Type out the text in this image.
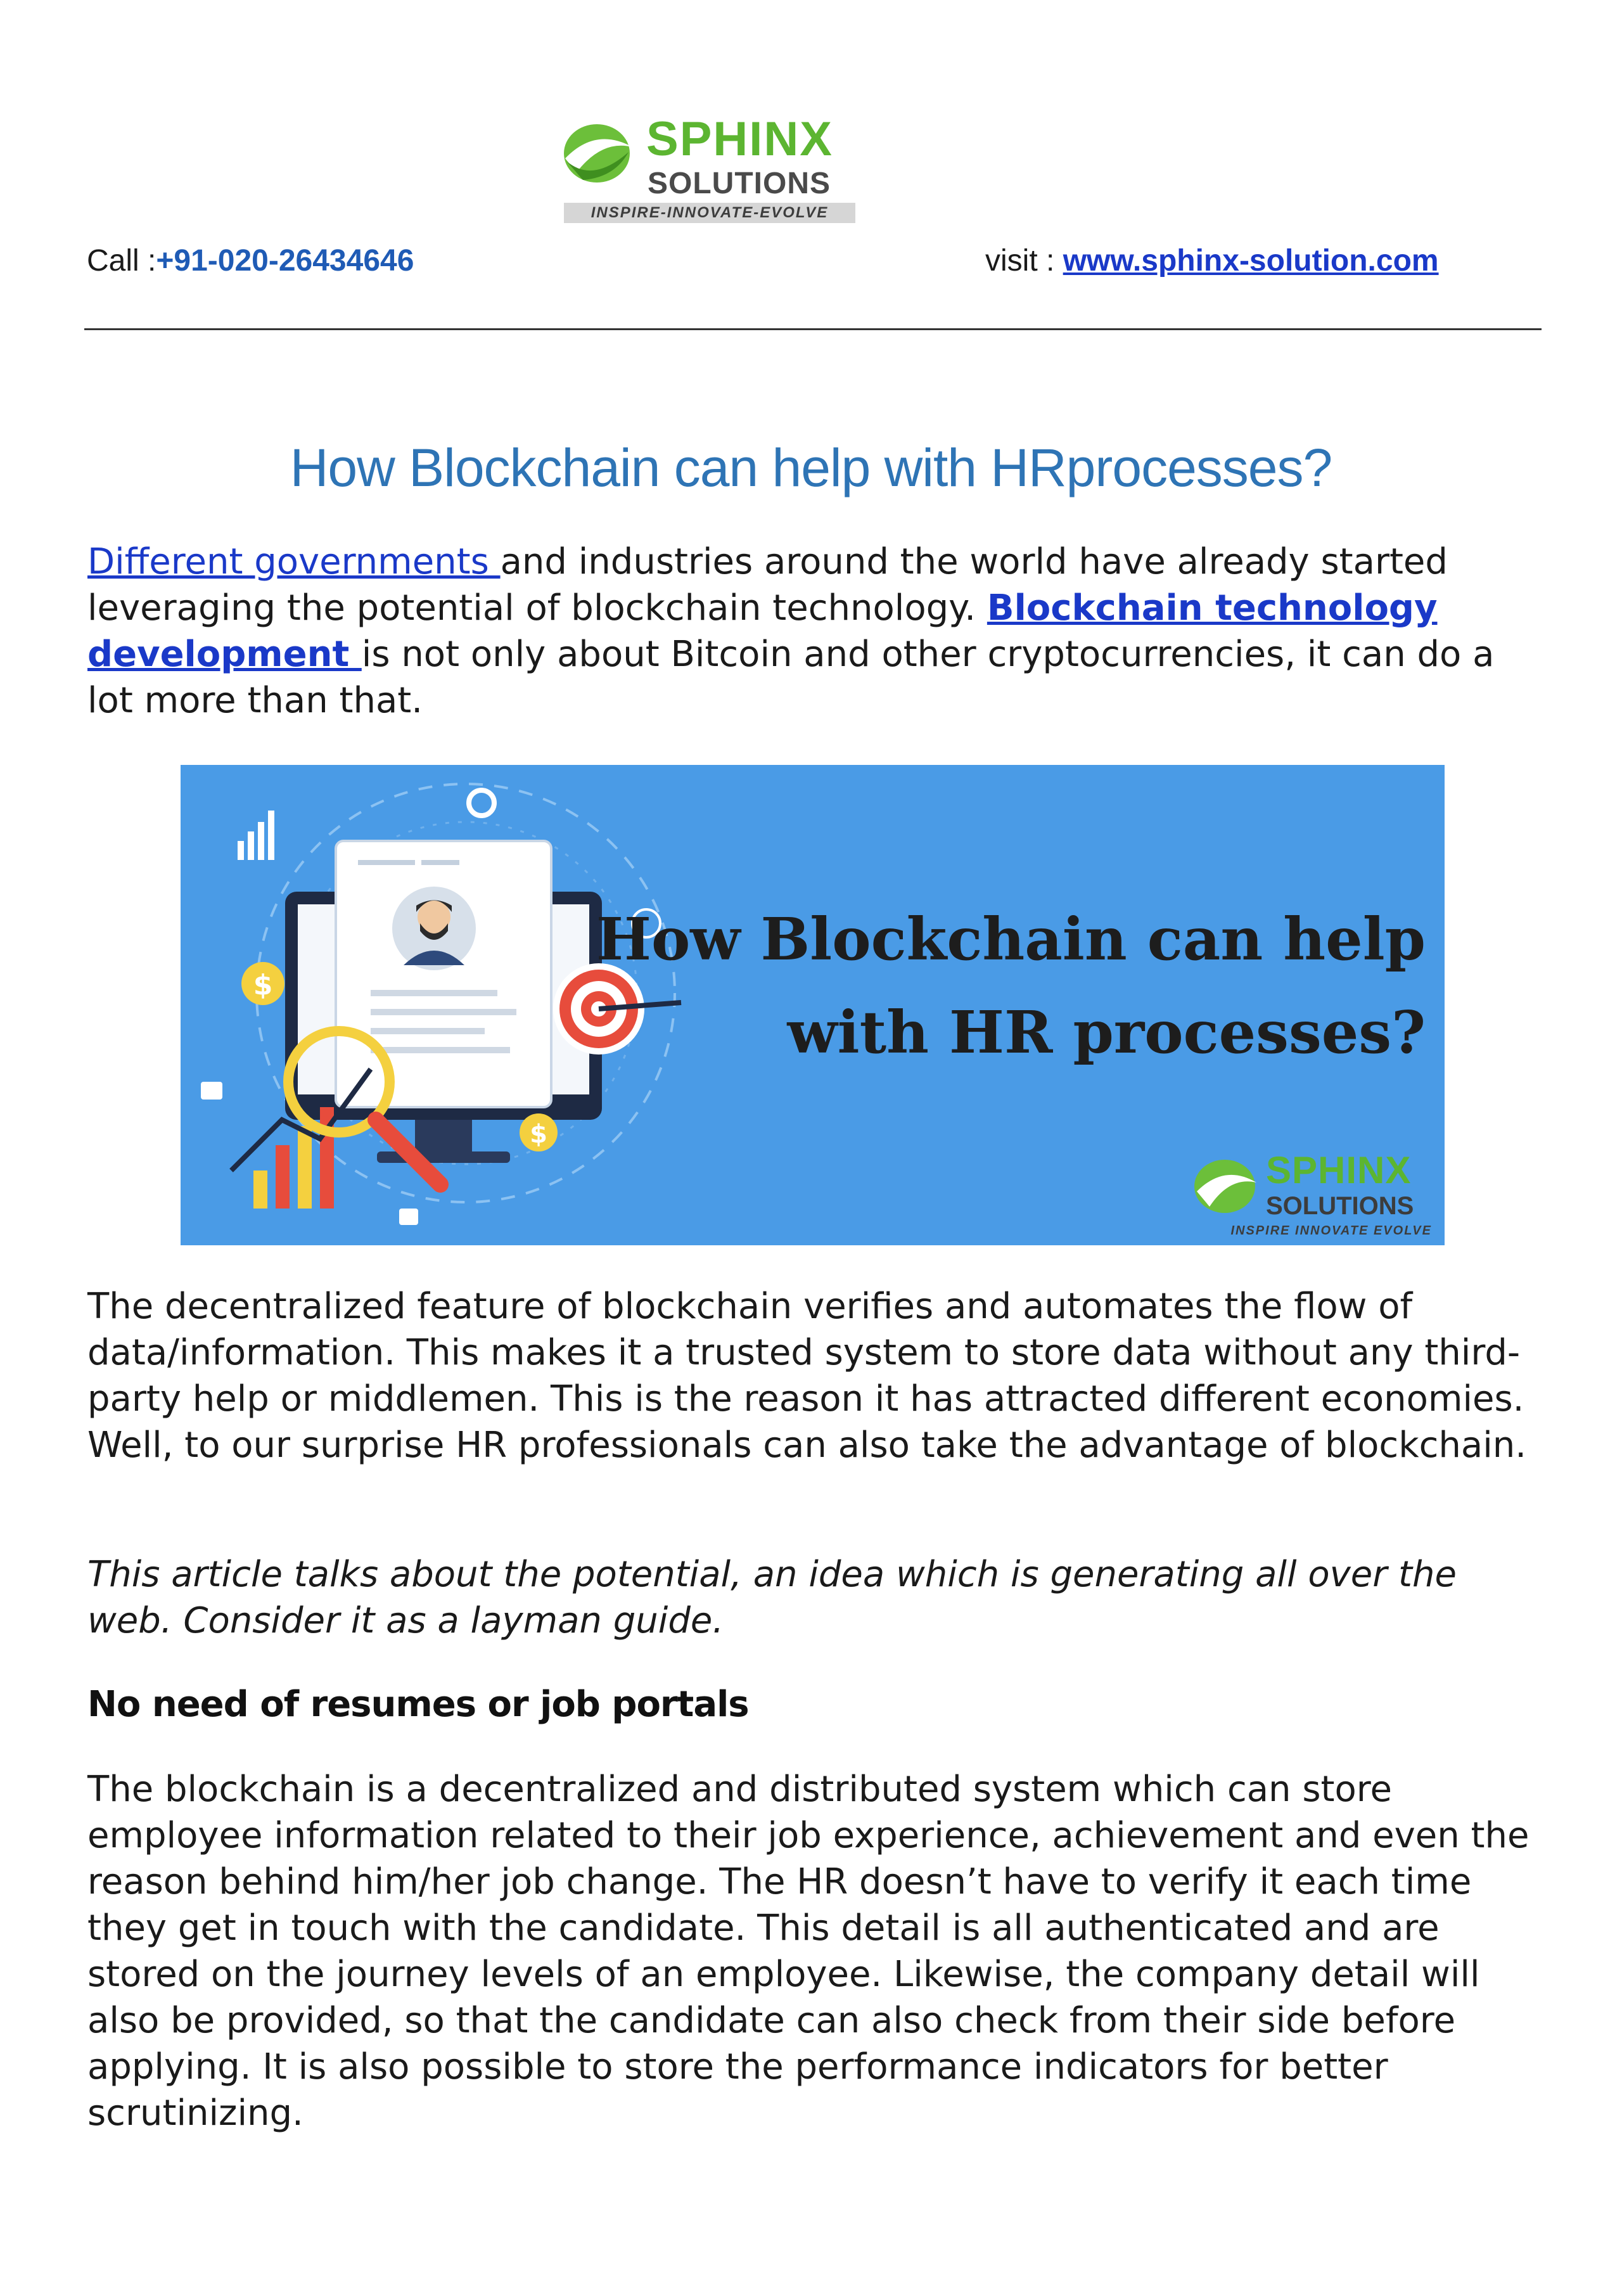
SPHINX
SOLUTIONS
INSPIRE-INNOVATE-EVOLVE
Call :+91-020-26434646	visit : www.sphinx-solution.com
How Blockchain can help with HRprocesses?
Different governments and industries around the world have already started leveraging the potential of blockchain technology. Blockchain technology development is not only about Bitcoin and other cryptocurrencies, it can do a lot more than that.
$
$
How Blockchain can help
with HR processes?
SPHINX
SOLUTIONS
INSPIRE INNOVATE EVOLVE
The decentralized feature of blockchain verifies and automates the flow of data/information. This makes it a trusted system to store data without any third-party help or middlemen. This is the reason it has attracted different economies. Well, to our surprise HR professionals can also take the advantage of blockchain.
This article talks about the potential, an idea which is generating all over the web. Consider it as a layman guide.
No need of resumes or job portals
The blockchain is a decentralized and distributed system which can store employee information related to their job experience, achievement and even the reason behind him/her job change. The HR doesn’t have to verify it each time they get in touch with the candidate. This detail is all authenticated and are stored on the journey levels of an employee. Likewise, the company detail will also be provided, so that the candidate can also check from their side before applying. It is also possible to store the performance indicators for better scrutinizing.
